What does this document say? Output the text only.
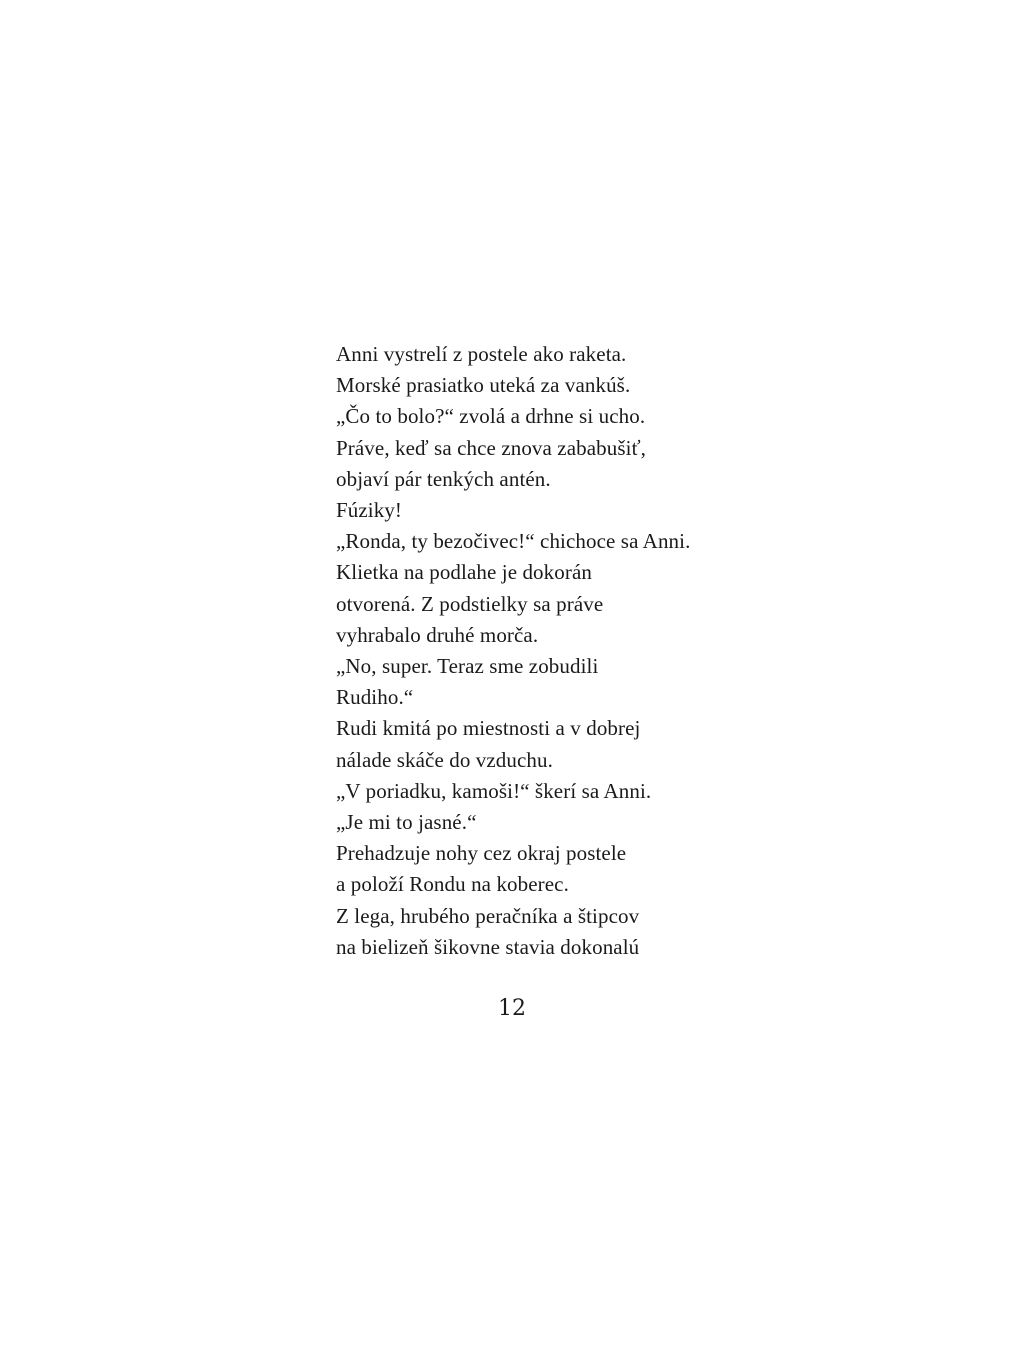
Anni vystrelí z postele ako raketa.
Morské prasiatko uteká za vankúš.
„Čo to bolo?“ zvolá a drhne si ucho.
Práve, keď sa chce znova zababušiť,
objaví pár tenkých antén.
Fúziky!
„Ronda, ty bezočivec!“ chichoce sa Anni.
Klietka na podlahe je dokorán
otvorená. Z podstielky sa práve
vyhrabalo druhé morča.
„No, super. Teraz sme zobudili
Rudiho.“
Rudi kmitá po miestnosti a v dobrej
nálade skáče do vzduchu.
„V poriadku, kamoši!“ škerí sa Anni.
„Je mi to jasné.“
Prehadzuje nohy cez okraj postele
a položí Rondu na koberec.
Z lega, hrubého peračníka a štipcov
na bielizeň šikovne stavia dokonalú
12
